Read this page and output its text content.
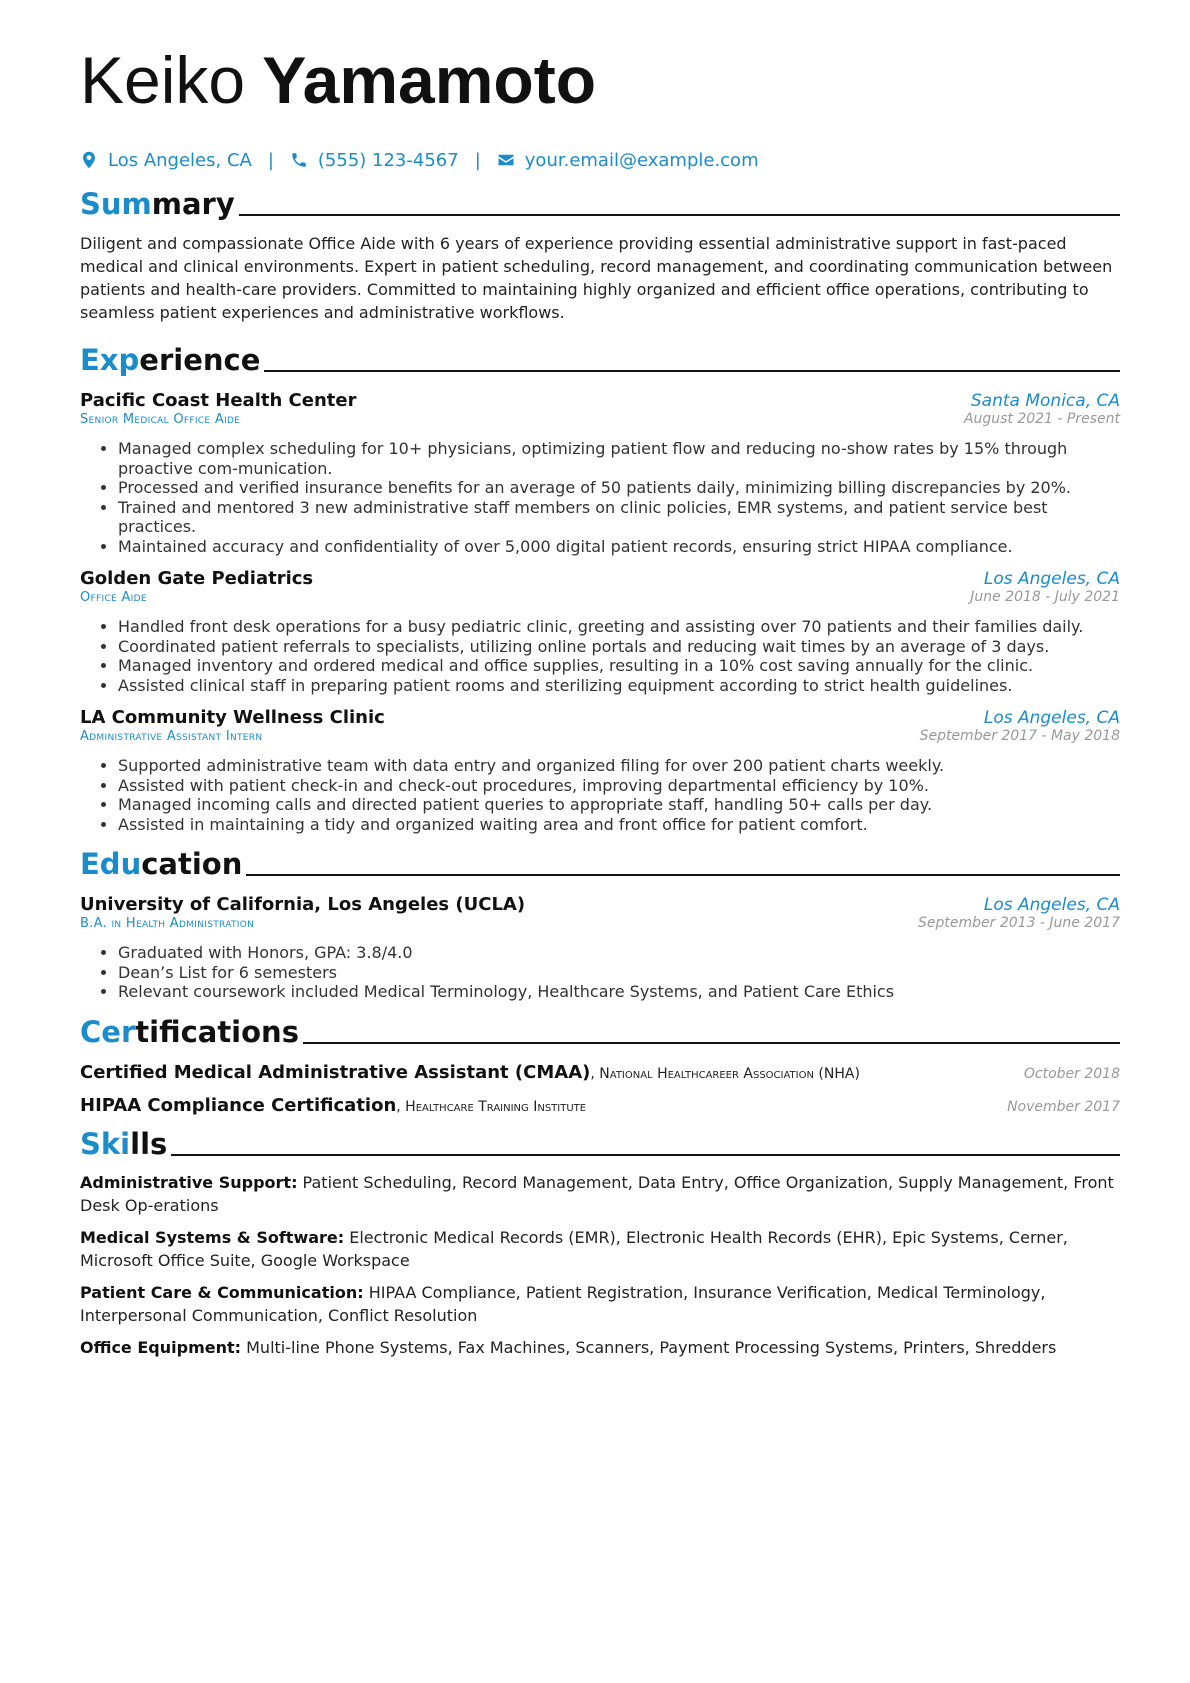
Keiko Yamamoto
Los Angeles, CA | (555) 123-4567 | your.email@example.com
Summary
Diligent and compassionate Office Aide with 6 years of experience providing essential administrative support in fast-paced medical and clinical environments. Expert in patient scheduling, record management, and coordinating communication between patients and health-care providers. Committed to maintaining highly organized and efficient office operations, contributing to seamless patient experiences and administrative workflows.
Experience
Pacific Coast Health Center	Santa Monica, CA
Senior Medical Office Aide	August 2021 - Present
• Managed complex scheduling for 10+ physicians, optimizing patient flow and reducing no-show rates by 15% through proactive com-munication.
• Processed and verified insurance benefits for an average of 50 patients daily, minimizing billing discrepancies by 20%.
• Trained and mentored 3 new administrative staff members on clinic policies, EMR systems, and patient service best practices.
• Maintained accuracy and confidentiality of over 5,000 digital patient records, ensuring strict HIPAA compliance.
Golden Gate Pediatrics	Los Angeles, CA
Office Aide	June 2018 - July 2021
• Handled front desk operations for a busy pediatric clinic, greeting and assisting over 70 patients and their families daily.
• Coordinated patient referrals to specialists, utilizing online portals and reducing wait times by an average of 3 days.
• Managed inventory and ordered medical and office supplies, resulting in a 10% cost saving annually for the clinic.
• Assisted clinical staff in preparing patient rooms and sterilizing equipment according to strict health guidelines.
LA Community Wellness Clinic	Los Angeles, CA
Administrative Assistant Intern	September 2017 - May 2018
• Supported administrative team with data entry and organized filing for over 200 patient charts weekly.
• Assisted with patient check-in and check-out procedures, improving departmental efficiency by 10%.
• Managed incoming calls and directed patient queries to appropriate staff, handling 50+ calls per day.
• Assisted in maintaining a tidy and organized waiting area and front office for patient comfort.
Education
University of California, Los Angeles (UCLA)	Los Angeles, CA
B.A. in Health Administration	September 2013 - June 2017
• Graduated with Honors, GPA: 3.8/4.0
• Dean’s List for 6 semesters
• Relevant coursework included Medical Terminology, Healthcare Systems, and Patient Care Ethics
Certifications
Certified Medical Administrative Assistant (CMAA), National Healthcareer Association (NHA)	October 2018
HIPAA Compliance Certification, Healthcare Training Institute	November 2017
Skills
Administrative Support: Patient Scheduling, Record Management, Data Entry, Office Organization, Supply Management, Front Desk Op-erations
Medical Systems & Software: Electronic Medical Records (EMR), Electronic Health Records (EHR), Epic Systems, Cerner, Microsoft Office Suite, Google Workspace
Patient Care & Communication: HIPAA Compliance, Patient Registration, Insurance Verification, Medical Terminology, Interpersonal Communication, Conflict Resolution
Office Equipment: Multi-line Phone Systems, Fax Machines, Scanners, Payment Processing Systems, Printers, Shredders
